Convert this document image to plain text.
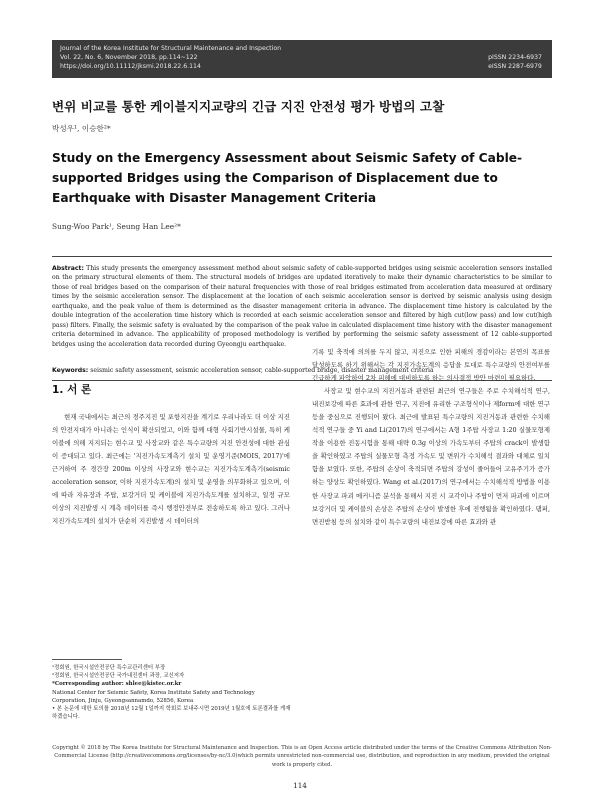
Journal of the Korea Institute for Structural Maintenance and Inspection
Vol. 22, No. 6, November 2018, pp.114~122
https://doi.org/10.11112/jksmi.2018.22.6.114
pISSN 2234-6937
eISSN 2287-6979
변위 비교를 통한 케이블지지교량의 긴급 지진 안전성 평가 방법의 고찰
박성우¹, 이승한²*
Study on the Emergency Assessment about Seismic Safety of Cable-supported Bridges using the Comparison of Displacement due to Earthquake with Disaster Management Criteria
Sung-Woo Park¹, Seung Han Lee²*
Abstract: This study presents the emergency assessment method about seismic safety of cable-supported bridges using seismic acceleration sensors installed on the primary structural elements of them. The structural models of bridges are updated iteratively to make their dynamic characteristics to be similar to those of real bridges based on the comparison of their natural frequencies with those of real bridges estimated from acceleration data measured at ordinary times by the seismic acceleration sensor. The displacement at the location of each seismic acceleration sensor is derived by seismic analysis using design earthquake, and the peak value of them is determined as the disaster management criteria in advance. The displacement time history is calculated by the double integration of the acceleration time history which is recorded at each seismic acceleration sensor and filtered by high cut(low pass) and low cut(high pass) filters. Finally, the seismic safety is evaluated by the comparison of the peak value in calculated displacement time history with the disaster management criteria determined in advance. The applicability of proposed methodology is verified by performing the seismic safety assessment of 12 cable-supported bridges using the acceleration data recorded during Gyeongju earthquake.
Keywords: seismic safety assessment, seismic acceleration sensor, cable-supported bridge, disaster management criteria
1. 서 론

현재 국내에서는 최근의 경주지진 및 포항지진을 계기로 우리나라도 더 이상 지진의 안전지대가 아니라는 인식이 확산되었고, 이와 함께 대형 사회기반시설물, 특히 케이블에 의해 지지되는 현수교 및 사장교와 같은 특수교량의 지진 안전성에 대한 관심이 증대되고 있다. 최근에는 '지진가속도계측기 설치 및 운영기준(MOIS, 2017)'에 근거하여 주 경간장 200m 이상의 사장교와 현수교는 지진가속도계측기(seismic acceleration sensor, 이하 지진가속도계)의 설치 및 운영을 의무화하고 있으며, 이에 따라 자유장과 주탑, 보강거더 및 케이블에 지진가속도계를 설치하고, 일정 규모 이상의 지진발생 시 계측 데이터를 즉시 행정안전부로 전송하도록 하고 있다. 그러나 지진가속도계의 설치가 단순히 지진발생 시 데이터의

기록 및 축적에 의의를 두지 않고, 지진으로 인한 피해의 경감이라는 본연의 목표를 달성하도록 하기 위해서는 각 지진가속도계의 응답을 토대로 특수교량의 안전여부를 긴급하게 파악하여 2차 피해에 대비하도록 하는 의사결정 방안 마련이 필요하다.

사장교 및 현수교의 지진거동과 관련된 최근의 연구들은 주로 수치해석적 연구, 내진보강에 따른 효과에 관한 연구, 지진에 유리한 구조형식이나 제form에 대한 연구 등을 중심으로 진행되어 왔다. 최근에 발표된 특수교량의 지진거동과 관련한 수치해석적 연구들 중 Yi and Li(2017)의 연구에서는 A형 1주탑 사장교 1:20 실물모형제작을 이용한 진동시험을 통해 대략 0.3g 이상의 가속도부터 주탑의 crack이 발생함을 확인하였고 주탑의 실물모형 측정 가속도 및 변위가 수치해석 결과와 대체로 일치함을 보였다. 또한, 주탑의 손상이 축적되면 주탑의 강성이 줄어들어 고유주기가 증가하는 양상도 확인하였다. Wang et al.(2017)의 연구에서는 수치해석적 방법을 이용한 사장교 파괴 메커니즘 분석을 통해서 지진 시 교각이나 주탑이 먼저 파괴에 이르며 보강거더 및 케이블의 손상은 주탑의 손상이 발생한 후에 진행됨을 확인하였다. 댐퍼, 면진받침 등의 설치와 같이 특수교량의 내진보강에 따른 효과와 관

¹정회원, 한국시설안전공단 특수교관리센터 부장
²정회원, 한국시설안전공단 국가내진센터 과장, 교신저자
*Corresponding author: shlee@kistec.or.kr
National Center for Seismic Safety, Korea Institute Safety and Technology
Corporation, Jinju, Gyeongsannamdo, 52856, Korea
• 본 논문에 대한 토의를 2018년 12월 1일까지 학회로 보내주시면 2019년 1월호에 토론결과를 게재하겠습니다.
Copyright © 2018 by The Korea Institute for Structural Maintenance and Inspection. This is an Open Access article distributed under the terms of the Creative Commons Attribution Non-Commercial License (http://creativecommons.org/licenses/by-nc/3.0)which permits unrestricted non-commercial use, distribution, and reproduction in any medium, provided the original work is properly cited.
114
